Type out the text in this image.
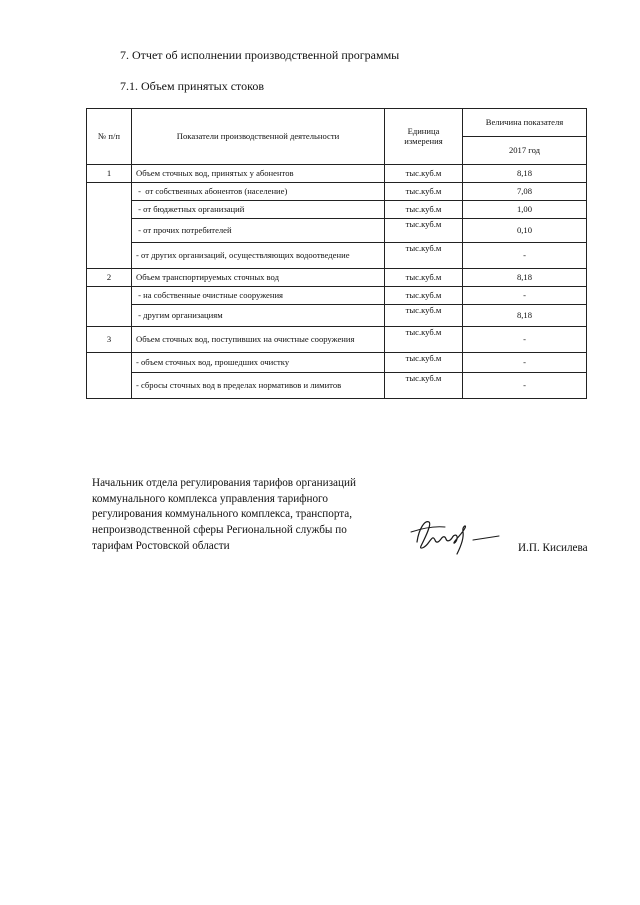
7. Отчет об исполнении производственной программы
7.1. Объем принятых стоков
№ п/п	Показатели производственной деятельности	Единица измерения	Величина показателя
			2017 год
1	Объем сточных вод, принятых у абонентов	тыс.куб.м	8,18
	-  от собственных абонентов (население)	тыс.куб.м	7,08
	- от бюджетных организаций	тыс.куб.м	1,00
	- от прочих потребителей	тыс.куб.м	0,10
	- от других организаций, осуществляющих водоотведение	тыс.куб.м	-
2	Объем транспортируемых сточных вод	тыс.куб.м	8,18
	- на собственные очистные сооружения	тыс.куб.м	-
	- другим организациям	тыс.куб.м	8,18
3	Объем сточных вод, поступивших на очистные сооружения	тыс.куб.м	-
	- объем сточных вод, прошедших очистку	тыс.куб.м	-
	- сбросы сточных вод в пределах нормативов и лимитов	тыс.куб.м	-
Начальник отдела регулирования тарифов организаций
коммунального комплекса управления тарифного
регулирования коммунального комплекса, транспорта,
непроизводственной сферы Региональной службы по
тарифам Ростовской области	И.П. Кисилева
